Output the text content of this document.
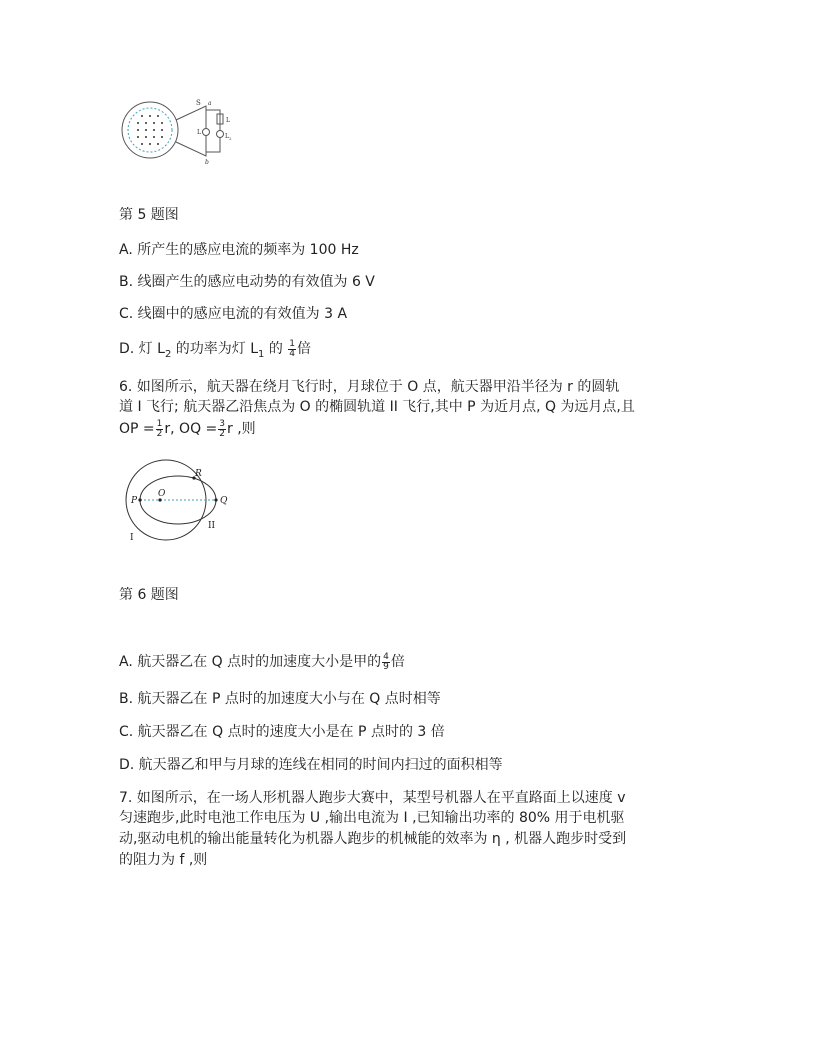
S a
b
L
L
$L_2$
第 5 题图
A. 所产生的感应电流的频率为 100 Hz
B. 线圈产生的感应电动势的有效值为 6 V
C. 线圈中的感应电流的有效值为 3 A
D. 灯 $L_2$ 的功率为灯 $L_1$ 的 $\frac{1}{4}$ 倍
6. 如图所示，航天器在绕月飞行时，月球位于 O 点，航天器甲沿半径为 r 的圆轨
道 I 飞行; 航天器乙沿焦点为 O 的椭圆轨道 II 飞行,其中 P 为近月点, Q 为远月点,且
OP = $\frac{1}{2} r$, OQ = $\frac{3}{2}$ r ,则
P
O
R
Q
I
II
第 6 题图
A. 航天器乙在 Q 点时的加速度大小是甲的 $\frac{4}{9}$ 倍
B. 航天器乙在 P 点时的加速度大小与在 Q 点时相等
C. 航天器乙在 Q 点时的速度大小是在 P 点时的 3 倍
D. 航天器乙和甲与月球的连线在相同的时间内扫过的面积相等
7. 如图所示，在一场人形机器人跑步大赛中，某型号机器人在平直路面上以速度 v
匀速跑步,此时电池工作电压为 U ,输出电流为 I ,已知输出功率的 80% 用于电机驱
动,驱动电机的输出能量转化为机器人跑步的机械能的效率为 η , 机器人跑步时受到
的阻力为 f ,则
